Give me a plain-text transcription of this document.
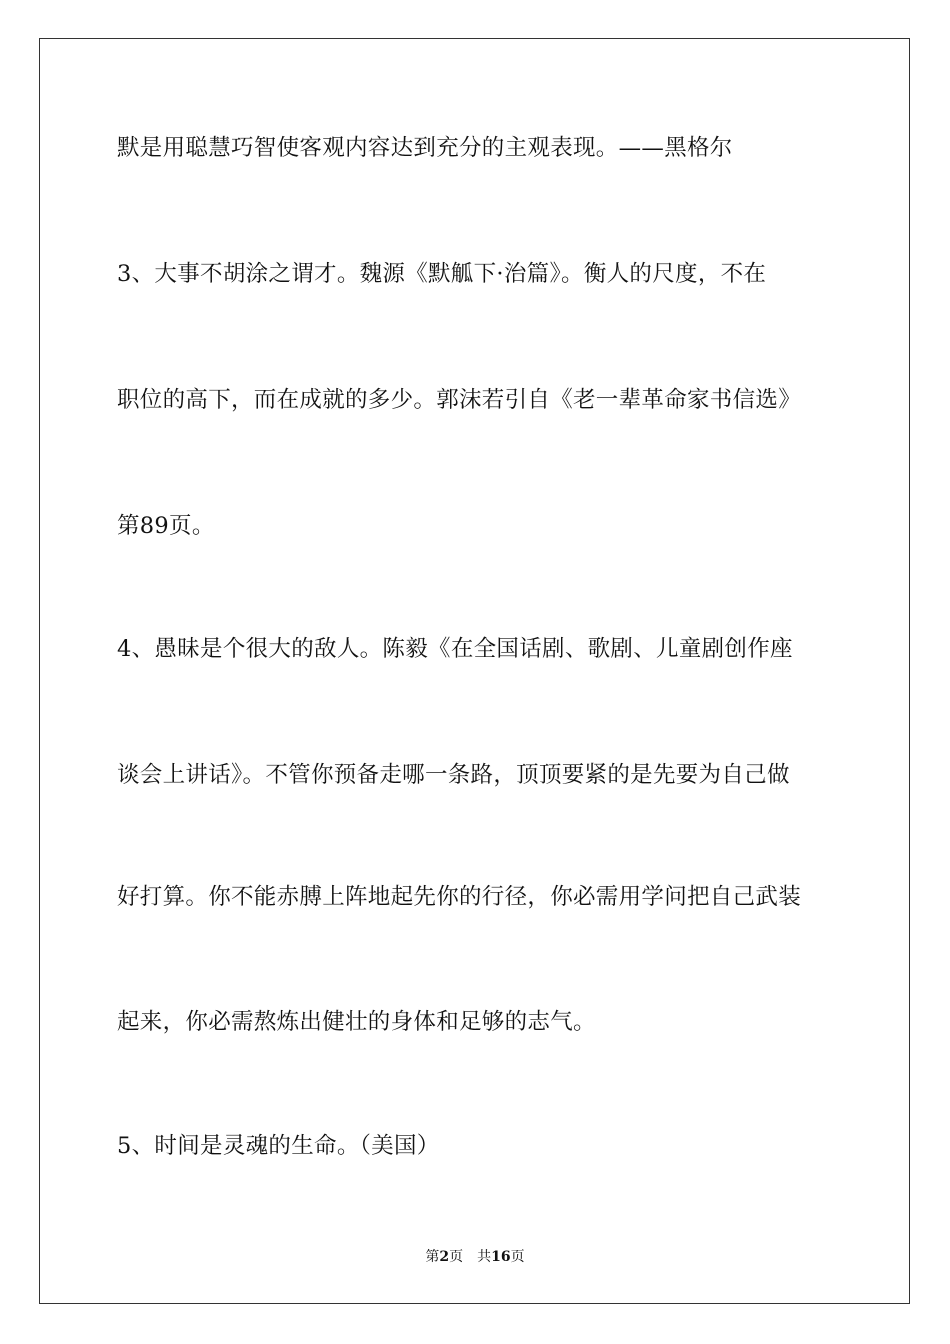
默是用聪慧巧智使客观内容达到充分的主观表现。——黑格尔
3、大事不胡涂之谓才。魏源《默觚下·治篇》。衡人的尺度，不在
职位的高下，而在成就的多少。郭沫若引自《老一辈革命家书信选》
第89页。
4、愚昧是个很大的敌人。陈毅《在全国话剧、歌剧、儿童剧创作座
谈会上讲话》。不管你预备走哪一条路，顶顶要紧的是先要为自己做
好打算。你不能赤膊上阵地起先你的行径，你必需用学问把自己武装
起来，你必需熬炼出健壮的身体和足够的志气。
5、时间是灵魂的生命。（美国）
第2页 共16页
